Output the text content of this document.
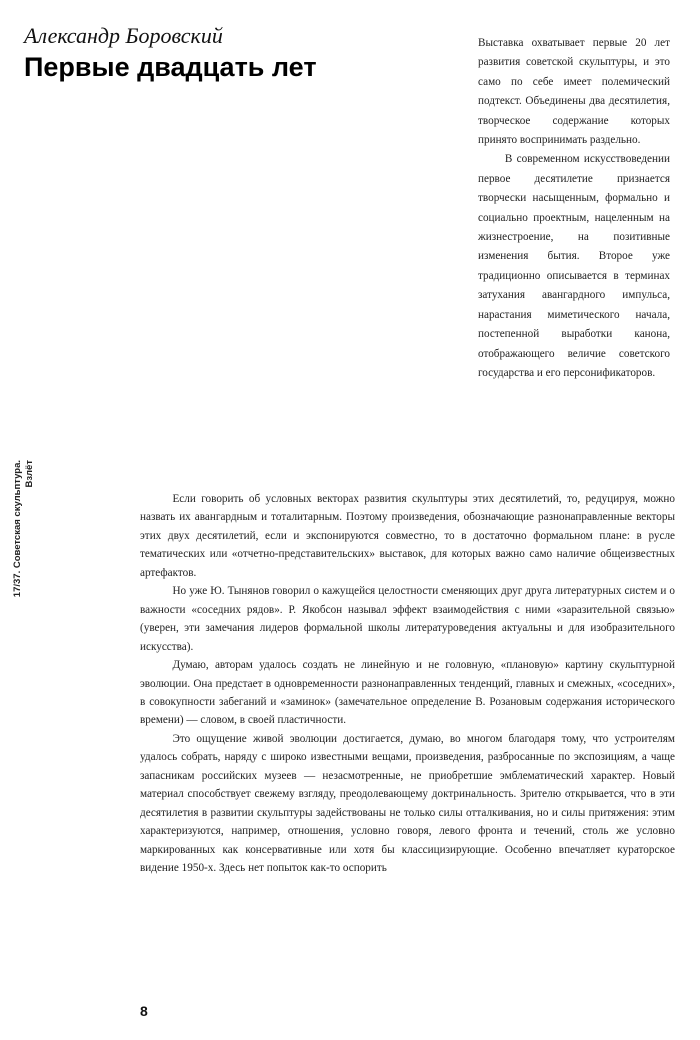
Александр Боровский
Первые двадцать лет

Выставка охватывает первые 20 лет развития советской скульптуры, и это само по себе имеет полемический подтекст. Объединены два десятилетия, творческое содержание которых принято воспринимать раздельно.

В современном искусствоведении первое десятилетие признается творчески насыщенным, формально и социально проектным, нацеленным на жизнестроение, на позитивные изменения бытия. Второе уже традиционно описывается в терминах затухания авангардного импульса, нарастания миметического начала, постепенной выработки канона, отображающего величие советского государства и его персонификаторов.

17/37. Советская скульптура. Взлёт

Если говорить об условных векторах развития скульптуры этих десятилетий, то, редуцируя, можно назвать их авангардным и тоталитарным. Поэтому произведения, обозначающие разнонаправленные векторы этих двух десятилетий, если и экспонируются совместно, то в достаточно формальном плане: в русле тематических или «отчетно-представительских» выставок, для которых важно само наличие общеизвестных артефактов.

Но уже Ю. Тынянов говорил о кажущейся целостности сменяющих друг друга литературных систем и о важности «соседних рядов». Р. Якобсон называл эффект взаимодействия с ними «заразительной связью» (уверен, эти замечания лидеров формальной школы литературоведения актуальны и для изобразительного искусства).

Думаю, авторам удалось создать не линейную и не головную, «плановую» картину скульптурной эволюции. Она предстает в одновременности разнонаправленных тенденций, главных и смежных, «соседних», в совокупности забеганий и «заминок» (замечательное определение В. Розановым содержания исторического времени) — словом, в своей пластичности.

Это ощущение живой эволюции достигается, думаю, во многом благодаря тому, что устроителям удалось собрать, наряду с широко известными вещами, произведения, разбросанные по экспозициям, а чаще запасникам российских музеев — незасмотренные, не приобретшие эмблематический характер. Новый материал способствует свежему взгляду, преодолевающему доктринальность. Зрителю открывается, что в эти десятилетия в развитии скульптуры задействованы не только силы отталкивания, но и силы притяжения: этим характеризуются, например, отношения, условно говоря, левого фронта и течений, столь же условно маркированных как консервативные или хотя бы классицизирующие. Особенно впечатляет кураторское видение 1950-х. Здесь нет попыток как-то оспорить

8
